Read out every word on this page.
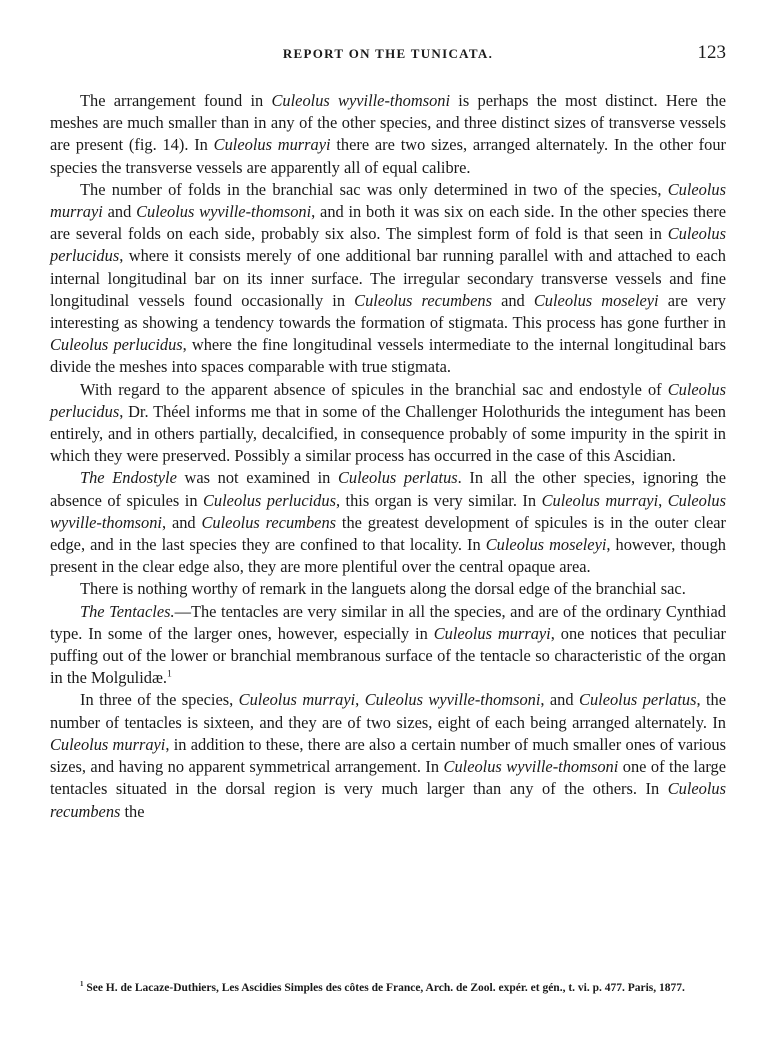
REPORT ON THE TUNICATA.	123

The arrangement found in Culeolus wyville-thomsoni is perhaps the most distinct. Here the meshes are much smaller than in any of the other species, and three distinct sizes of transverse vessels are present (fig. 14). In Culeolus murrayi there are two sizes, arranged alternately. In the other four species the transverse vessels are apparently all of equal calibre.

The number of folds in the branchial sac was only determined in two of the species, Culeolus murrayi and Culeolus wyville-thomsoni, and in both it was six on each side. In the other species there are several folds on each side, probably six also. The simplest form of fold is that seen in Culeolus perlucidus, where it consists merely of one additional bar running parallel with and attached to each internal longitudinal bar on its inner surface. The irregular secondary transverse vessels and fine longitudinal vessels found occasionally in Culeolus recumbens and Culeolus moseleyi are very interesting as showing a tendency towards the formation of stigmata. This process has gone further in Culeolus perlucidus, where the fine longitudinal vessels intermediate to the internal longitudinal bars divide the meshes into spaces comparable with true stigmata.

With regard to the apparent absence of spicules in the branchial sac and endostyle of Culeolus perlucidus, Dr. Théel informs me that in some of the Challenger Holothurids the integument has been entirely, and in others partially, decalcified, in consequence probably of some impurity in the spirit in which they were preserved. Possibly a similar process has occurred in the case of this Ascidian.

The Endostyle was not examined in Culeolus perlatus. In all the other species, ignoring the absence of spicules in Culeolus perlucidus, this organ is very similar. In Culeolus murrayi, Culeolus wyville-thomsoni, and Culeolus recumbens the greatest development of spicules is in the outer clear edge, and in the last species they are confined to that locality. In Culeolus moseleyi, however, though present in the clear edge also, they are more plentiful over the central opaque area.

There is nothing worthy of remark in the languets along the dorsal edge of the branchial sac.

The Tentacles.—The tentacles are very similar in all the species, and are of the ordinary Cynthiad type. In some of the larger ones, however, especially in Culeolus murrayi, one notices that peculiar puffing out of the lower or branchial membranous surface of the tentacle so characteristic of the organ in the Molgulidæ.$^1$

In three of the species, Culeolus murrayi, Culeolus wyville-thomsoni, and Culeolus perlatus, the number of tentacles is sixteen, and they are of two sizes, eight of each being arranged alternately. In Culeolus murrayi, in addition to these, there are also a certain number of much smaller ones of various sizes, and having no apparent symmetrical arrangement. In Culeolus wyville-thomsoni one of the large tentacles situated in the dorsal region is very much larger than any of the others. In Culeolus recumbens the

$^1$ See H. de Lacaze-Duthiers, Les Ascidies Simples des côtes de France, Arch. de Zool. expér. et gén., t. vi. p. 477. Paris, 1877.
